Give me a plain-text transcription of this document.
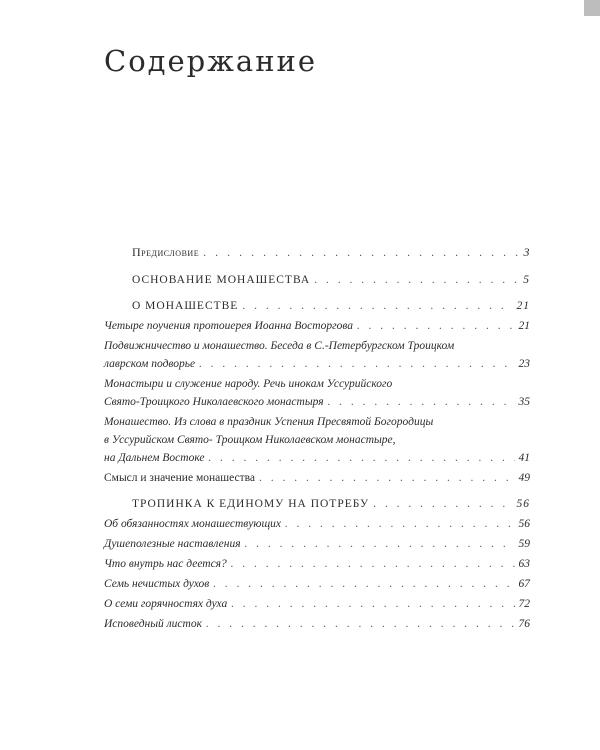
Содержание
Предисловие . . .	3
ОСНОВАНИЕ МОНАШЕСТВА . . .	5
О МОНАШЕСТВЕ . . .	21
Четыре поучения протоиерея Иоанна Восторгова . . .	21
Подвижничество и монашество. Беседа в С.-Петербургском Троицком
лаврском подворье . . .	23
Монастыри и служение народу. Речь инокам Уссурийского
Свято-Троицкого Николаевского монастыря . . .	35
Монашество. Из слова в праздник Успения Пресвятой Богородицы
в Уссурийском Свято- Троицком Николаевском монастыре,
на Дальнем Востоке . . .	41
Смысл и значение монашества . . .	49
ТРОПИНКА К ЕДИНОМУ НА ПОТРЕБУ . . .	56
Об обязанностях монашествующих . . .	56
Душеполезные наставления . . .	59
Что внутрь нас деется? . . .	63
Семь нечистых духов . . .	67
О семи горячностях духа . . .	72
Исповедный листок . . .	76
